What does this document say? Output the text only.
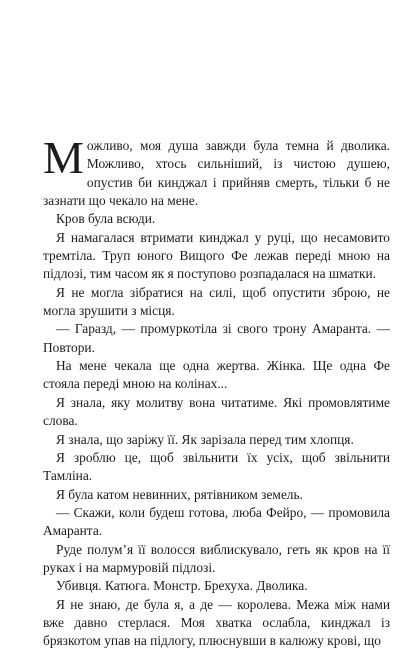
Можливо, моя душа завжди була темна й дволика. Можливо, хтось сильніший, із чистою душею, опустив би кинджал і прийняв смерть, тільки б не зазнати що чекало на мене.

Кров була всюди.

Я намагалася втримати кинджал у руці, що несамовито тремтіла. Труп юного Вищого Фе лежав переді мною на підлозі, тим часом як я поступово розпадалася на шматки.

Я не могла зібратися на силі, щоб опустити зброю, не могла зрушити з місця.

— Гаразд, — промуркотіла зі свого трону Амаранта. — Повтори.

На мене чекала ще одна жертва. Жінка. Ще одна Фе стояла переді мною на колінах...

Я знала, яку молитву вона читатиме. Які промовлятиме слова.

Я знала, що заріжу її. Як зарізала перед тим хлопця.

Я зроблю це, щоб звільнити їх усіх, щоб звільнити Тамліна.

Я була катом невинних, рятівником земель.

— Скажи, коли будеш готова, люба Фейро, — промовила Амаранта.

Руде полум’я її волосся виблискувало, геть як кров на її руках і на мармуровій підлозі.

Убивця. Катюга. Монстр. Брехуха. Дволика.

Я не знаю, де була я, а де — королева. Межа між нами вже давно стерлася. Моя хватка ослабла, кинджал із брязкотом упав на підлогу, плюснувши в калюжу крові, що
